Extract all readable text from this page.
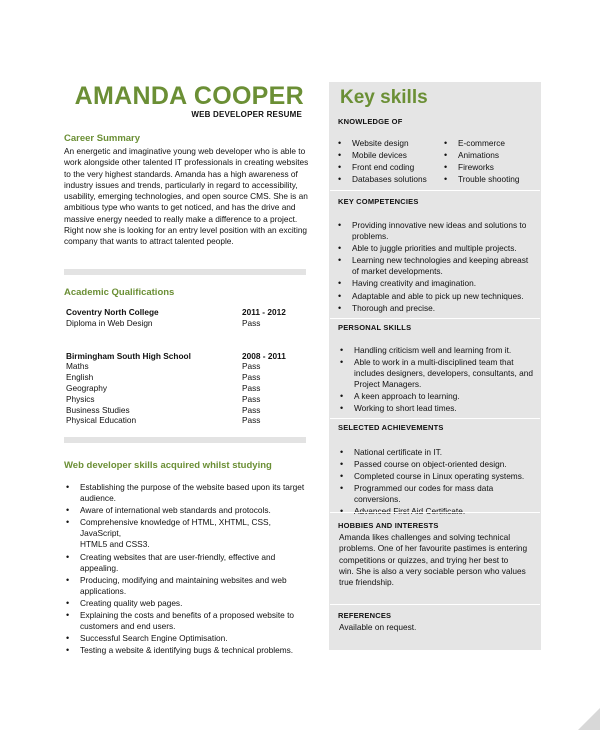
AMANDA COOPER
WEB DEVELOPER RESUME
Career Summary
An energetic and imaginative young web developer who is able to
work alongside other talented IT professionals in creating websites
to the very highest standards. Amanda has a high awareness of
industry issues and trends, particularly in regard to accessibility,
usability, emerging technologies, and open source CMS. She is an
ambitious type who wants to get noticed, and has the drive and
massive energy needed to really make a difference to a project.
Right now she is looking for an entry level position with an exciting
company that wants to attract talented people.
Academic Qualifications
Coventry North College	2011 - 2012
Diploma in Web Design	Pass
Birmingham South High School	2008 - 2011
Maths	Pass
English	Pass
Geography	Pass
Physics	Pass
Business Studies	Pass
Physical Education	Pass
Web developer skills acquired whilst studying
• Establishing the purpose of the website based upon its target
audience.
• Aware of international web standards and protocols.
• Comprehensive knowledge of HTML, XHTML, CSS, JavaScript,
HTML5 and CSS3.
• Creating websites that are user-friendly, effective and
appealing.
• Producing, modifying and maintaining websites and web
applications.
• Creating quality web pages.
• Explaining the costs and benefits of a proposed website to
customers and end users.
• Successful Search Engine Optimisation.
• Testing a website & identifying bugs & technical problems.
Key skills
KNOWLEDGE OF
• Website design
• Mobile devices
• Front end coding
• Databases solutions
• E-commerce
• Animations
• Fireworks
• Trouble shooting
KEY COMPETENCIES
• Providing innovative new ideas and solutions to
problems.
• Able to juggle priorities and multiple projects.
• Learning new technologies and keeping abreast
of market developments.
• Having creativity and imagination.
• Adaptable and able to pick up new techniques.
• Thorough and precise.
PERSONAL SKILLS
• Handling criticism well and learning from it.
• Able to work in a multi-disciplined team that
includes designers, developers, consultants, and
Project Managers.
• A keen approach to learning.
• Working to short lead times.
SELECTED ACHIEVEMENTS
• National certificate in IT.
• Passed course on object-oriented design.
• Completed course in Linux operating systems.
• Programmed our codes for mass data conversions.
•
HOBBIES AND INTERESTS
Amanda likes challenges and solving technical
problems. One of her favourite pastimes is entering
competitions or quizzes, and trying her best to
win. She is also a very sociable person who values
true friendship.
REFERENCES
Available on request.
